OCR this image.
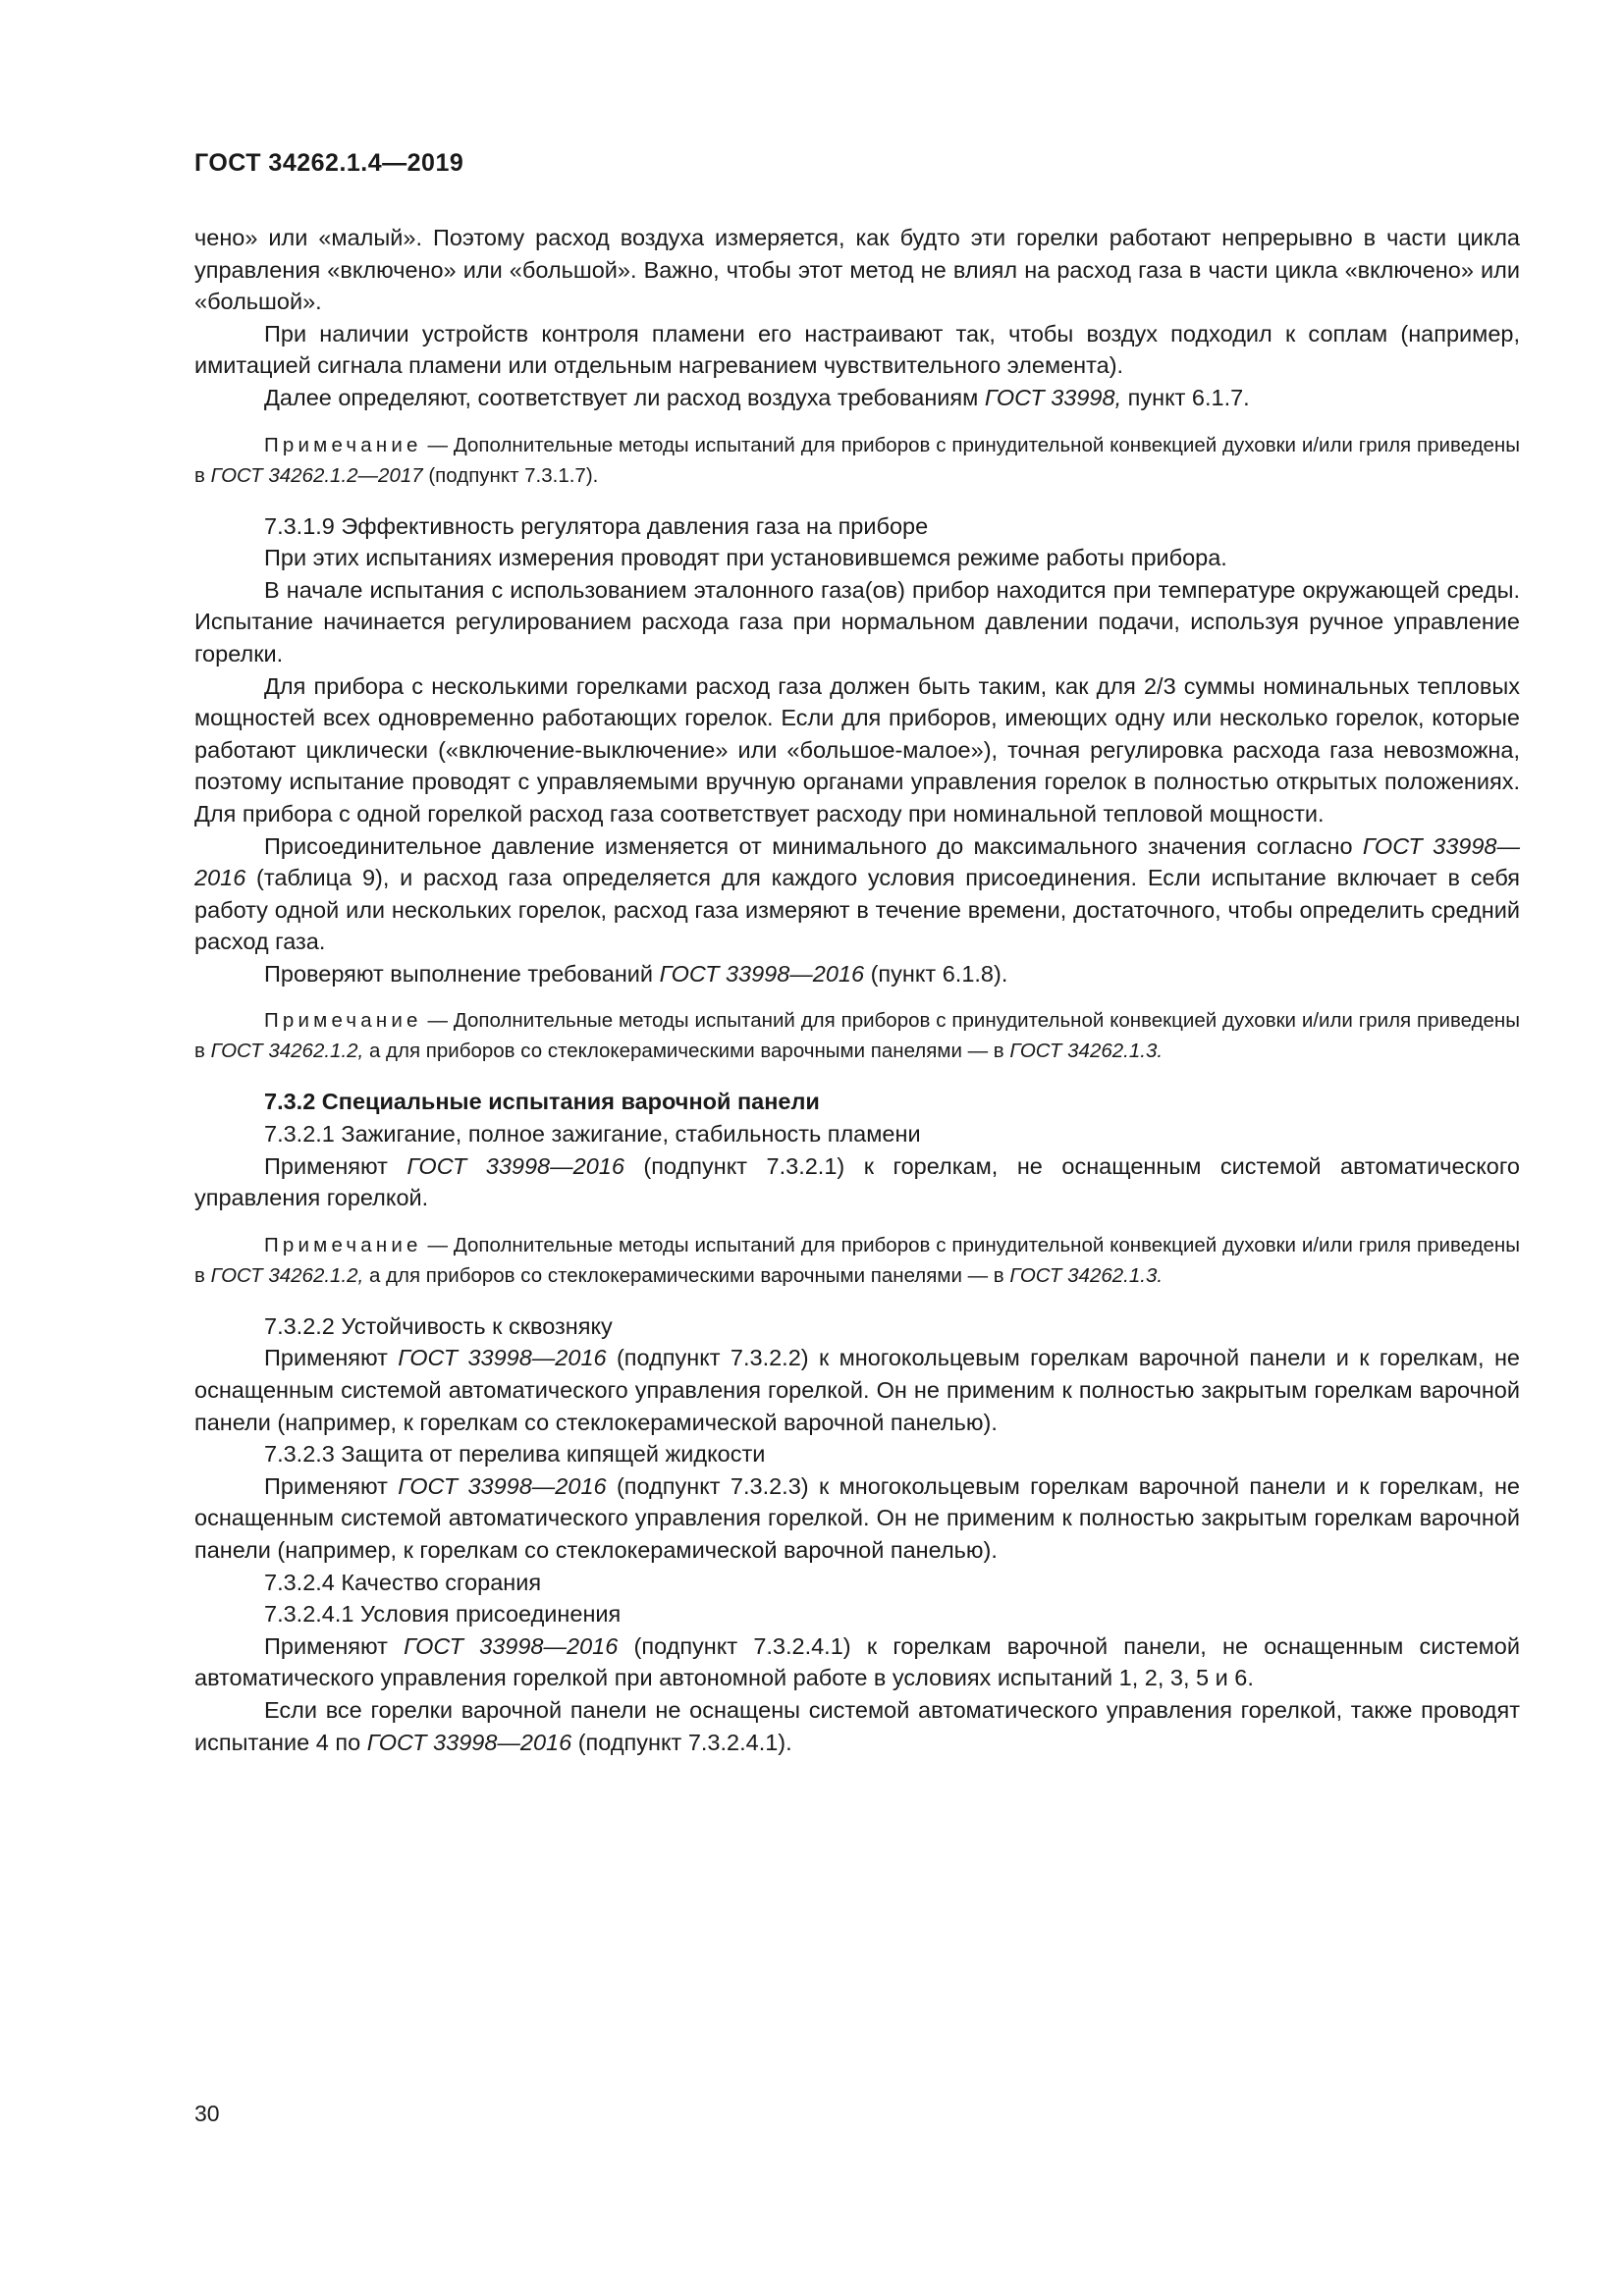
ГОСТ 34262.1.4—2019

чено» или «малый». Поэтому расход воздуха измеряется, как будто эти горелки работают непрерывно в части цикла управления «включено» или «большой». Важно, чтобы этот метод не влиял на расход газа в части цикла «включено» или «большой».

При наличии устройств контроля пламени его настраивают так, чтобы воздух подходил к соплам (например, имитацией сигнала пламени или отдельным нагреванием чувствительного элемента).

Далее определяют, соответствует ли расход воздуха требованиям ГОСТ 33998, пункт 6.1.7.

Примечание — Дополнительные методы испытаний для приборов с принудительной конвекцией духовки и/или гриля приведены в ГОСТ 34262.1.2—2017 (подпункт 7.3.1.7).

7.3.1.9 Эффективность регулятора давления газа на приборе

При этих испытаниях измерения проводят при установившемся режиме работы прибора.

В начале испытания с использованием эталонного газа(ов) прибор находится при температуре окружающей среды. Испытание начинается регулированием расхода газа при нормальном давлении подачи, используя ручное управление горелки.

Для прибора с несколькими горелками расход газа должен быть таким, как для 2/3 суммы номинальных тепловых мощностей всех одновременно работающих горелок. Если для приборов, имеющих одну или несколько горелок, которые работают циклически («включение-выключение» или «большое-малое»), точная регулировка расхода газа невозможна, поэтому испытание проводят с управляемыми вручную органами управления горелок в полностью открытых положениях. Для прибора с одной горелкой расход газа соответствует расходу при номинальной тепловой мощности.

Присоединительное давление изменяется от минимального до максимального значения согласно ГОСТ 33998—2016 (таблица 9), и расход газа определяется для каждого условия присоединения. Если испытание включает в себя работу одной или нескольких горелок, расход газа измеряют в течение времени, достаточного, чтобы определить средний расход газа.

Проверяют выполнение требований ГОСТ 33998—2016 (пункт 6.1.8).

Примечание — Дополнительные методы испытаний для приборов с принудительной конвекцией духовки и/или гриля приведены в ГОСТ 34262.1.2, а для приборов со стеклокерамическими варочными панелями — в ГОСТ 34262.1.3.

7.3.2 Специальные испытания варочной панели

7.3.2.1 Зажигание, полное зажигание, стабильность пламени

Применяют ГОСТ 33998—2016 (подпункт 7.3.2.1) к горелкам, не оснащенным системой автоматического управления горелкой.

Примечание — Дополнительные методы испытаний для приборов с принудительной конвекцией духовки и/или гриля приведены в ГОСТ 34262.1.2, а для приборов со стеклокерамическими варочными панелями — в ГОСТ 34262.1.3.

7.3.2.2 Устойчивость к сквозняку

Применяют ГОСТ 33998—2016 (подпункт 7.3.2.2) к многокольцевым горелкам варочной панели и к горелкам, не оснащенным системой автоматического управления горелкой. Он не применим к полностью закрытым горелкам варочной панели (например, к горелкам со стеклокерамической варочной панелью).

7.3.2.3 Защита от перелива кипящей жидкости

Применяют ГОСТ 33998—2016 (подпункт 7.3.2.3) к многокольцевым горелкам варочной панели и к горелкам, не оснащенным системой автоматического управления горелкой. Он не применим к полностью закрытым горелкам варочной панели (например, к горелкам со стеклокерамической варочной панелью).

7.3.2.4 Качество сгорания

7.3.2.4.1 Условия присоединения

Применяют ГОСТ 33998—2016 (подпункт 7.3.2.4.1) к горелкам варочной панели, не оснащенным системой автоматического управления горелкой при автономной работе в условиях испытаний 1, 2, 3, 5 и 6.

Если все горелки варочной панели не оснащены системой автоматического управления горелкой, также проводят испытание 4 по ГОСТ 33998—2016 (подпункт 7.3.2.4.1).

30
